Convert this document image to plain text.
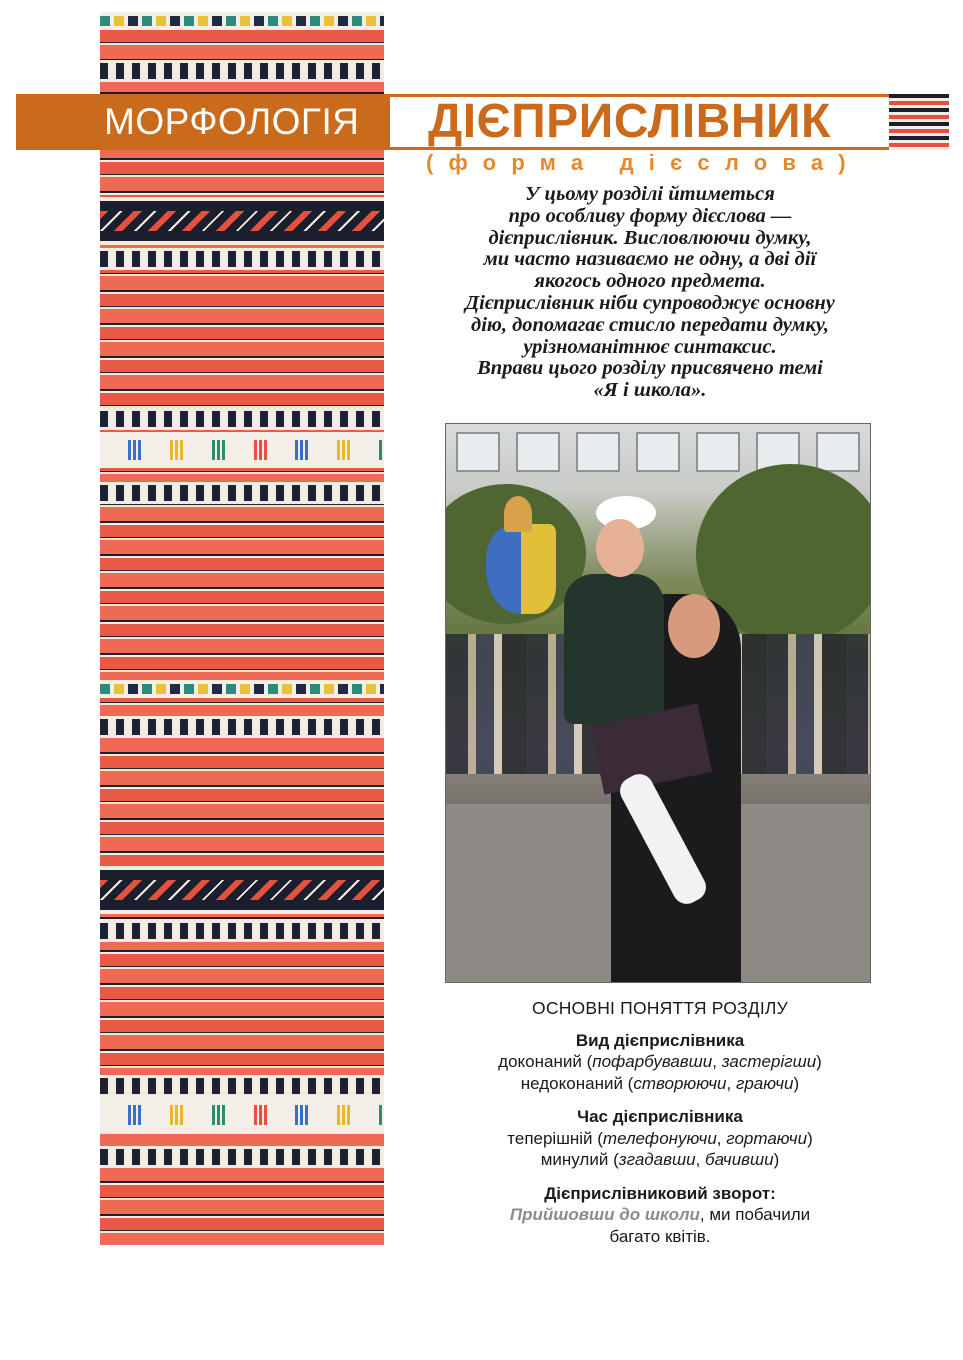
МОРФОЛОГІЯ ДІЄПРИСЛІВНИК
(форма дієслова)
У цьому розділі йтиметься
про особливу форму дієслова —
дієприслівник. Висловлюючи думку,
ми часто називаємо не одну, а дві дії
якогось одного предмета.
Дієприслівник ніби супроводжує основну
дію, допомагає стисло передати думку,
урізноманітнює синтаксис.
Вправи цього розділу присвячено темі
«Я і школа».
ОСНОВНІ ПОНЯТТЯ РОЗДІЛУ
Вид дієприслівника
доконаний (пофарбувавши, застерігши)
недоконаний (створюючи, граючи)
Час дієприслівника
теперішній (телефонуючи, гортаючи)
минулий (згадавши, бачивши)
Дієприслівниковий зворот:
Прийшовши до школи, ми побачили
багато квітів.
